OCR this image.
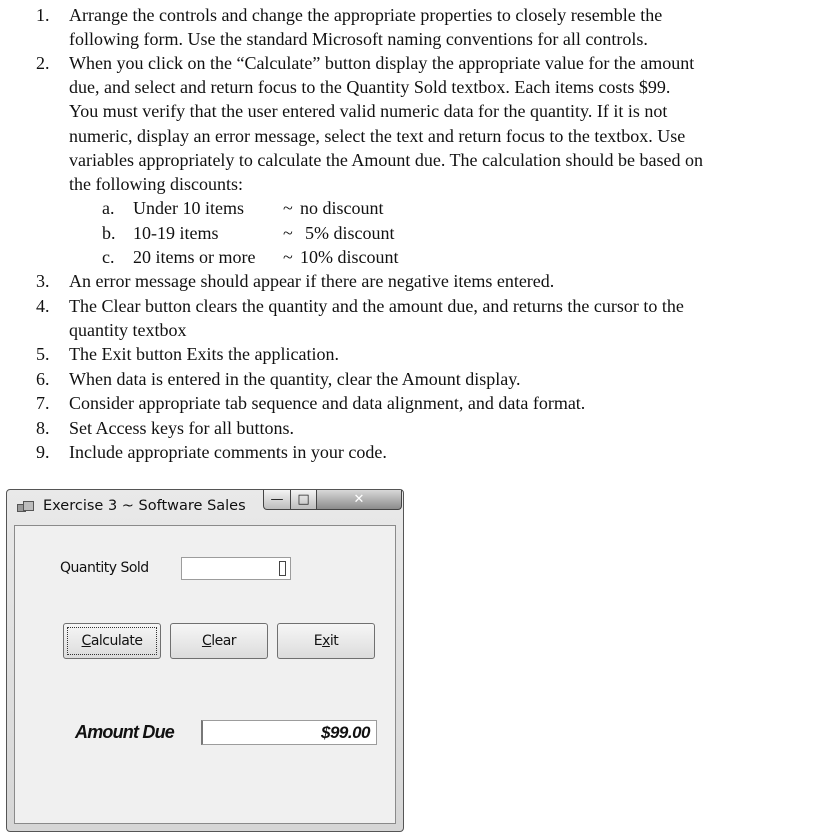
1.	Arrange the controls and change the appropriate properties to closely resemble the
following form. Use the standard Microsoft naming conventions for all controls.
2.	When you click on the “Calculate” button display the appropriate value for the amount
due, and select and return focus to the Quantity Sold textbox. Each items costs $99.
You must verify that the user entered valid numeric data for the quantity. If it is not
numeric, display an error message, select the text and return focus to the textbox. Use
variables appropriately to calculate the Amount due. The calculation should be based on
the following discounts:
a. Under 10 items ~ no discount
b. 10-19 items	~ 5% discount
c. 20 items or more ~ 10% discount
3.	An error message should appear if there are negative items entered.
4.	The Clear button clears the quantity and the amount due, and returns the cursor to the
quantity textbox
5.	The Exit button Exits the application.
6.	When data is entered in the quantity, clear the Amount display.
7.	Consider appropriate tab sequence and data alignment, and data format.
8.	Set Access keys for all buttons.
9.	Include appropriate comments in your code.
Exercise 3 ~ Software Sales	—	□	✕
Quantity Sold
Calculate	Clear	Exit
Amount Due	$99.00
